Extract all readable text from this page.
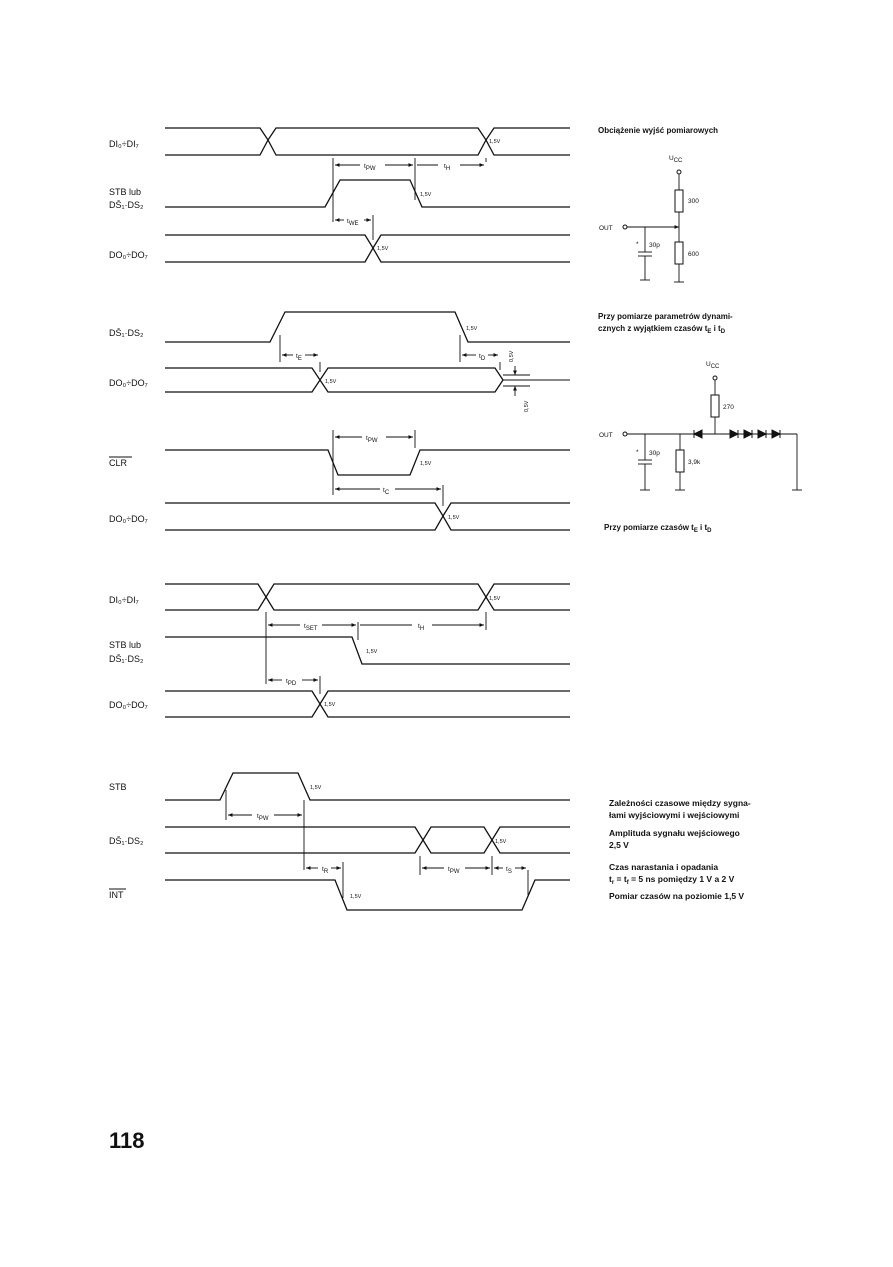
DI₀÷DI₇	1,5V
STB lub
DS̄₁·DS₂
1,5V
DO₀÷DO₇
1,5V
tPW	tH
tWE
DS̄₁·DS₂	1,5V
DO₀÷DO₇	1,5V
tE	tD	0,5V
0,5V
CLR	1,5V
DO₀÷DO₇	1,5V
tPW
tC
DI₀÷DI₇	1,5V
STB lub
DS̄₁·DS₂
1,5V
DO₀÷DO₇	1,5V
tSET	tH
tPD
STB	1,5V
DS̄₁·DS₂	1,5V
INT	1,5V
tPW
tR	tPW	tS
Obciążenie wyjść pomiarowych
UCC
300
600
OUT
30p
*
Przy pomiarze parametrów dynami-
cznych z wyjątkiem czasów $t_E$ i $t_D$
UCC
270
OUT
3,9k
30p
*
Przy pomiarze czasów $t_E$ i $t_D$
Zależności czasowe między sygna-
łami wyjściowymi i wejściowymi
Amplituda sygnału wejściowego
2,5 V
Czas narastania i opadania
$t_r = t_f = 5$ ns pomiędzy 1 V a 2 V
Pomiar czasów na poziomie 1,5 V
118
